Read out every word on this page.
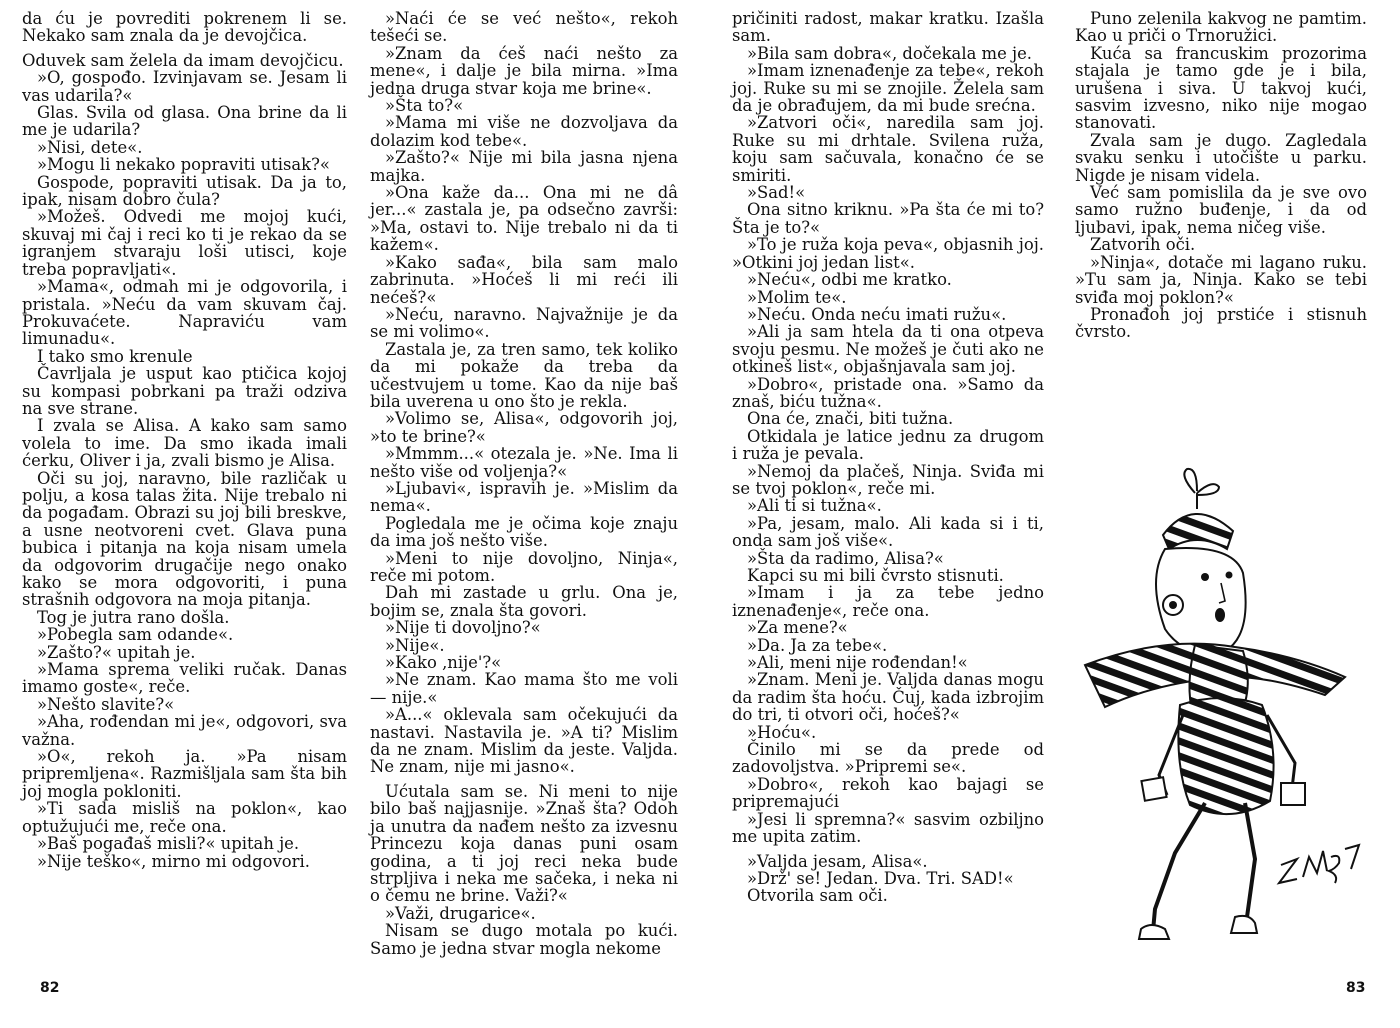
da ću je povrediti pokrenem li se. Nekako sam znala da je devojčica.

Oduvek sam želela da imam devojčicu.

»O, gospođo. Izvinjavam se. Jesam li vas udarila?«

Glas. Svila od glasa. Ona brine da li me je udarila?

»Nisi, dete«.

»Mogu li nekako popraviti utisak?«

Gospode, popraviti utisak. Da ja to, ipak, nisam dobro čula?

»Možeš. Odvedi me mojoj kući, skuvaj mi čaj i reci ko ti je rekao da se igranjem stvaraju loši utisci, koje treba popravljati«.

»Mama«, odmah mi je odgovorila, i pristala. »Neću da vam skuvam čaj. Prokuvaćete. Napraviću vam limunadu«.

I tako smo krenule

Čavrljala je usput kao ptičica kojoj su kompasi pobrkani pa traži odziva na sve strane.

I zvala se Alisa. A kako sam samo volela to ime. Da smo ikada imali ćerku, Oliver i ja, zvali bismo je Alisa.

Oči su joj, naravno, bile različak u polju, a kosa talas žita. Nije trebalo ni da pogađam. Obrazi su joj bili breskve, a usne neotvoreni cvet. Glava puna bubica i pitanja na koja nisam umela da odgovorim drugačije nego onako kako se mora odgovoriti, i puna strašnih odgovora na moja pitanja.

Tog je jutra rano došla.

»Pobegla sam odande«.

»Zašto?« upitah je.

»Mama sprema veliki ručak. Danas imamo goste«, reče.

»Nešto slavite?«

»Aha, rođendan mi je«, odgovori, sva važna.

»O«, rekoh ja. »Pa nisam pripremljena«. Razmišljala sam šta bih joj mogla pokloniti.

»Ti sada misliš na poklon«, kao optužujući me, reče ona.

»Baš pogađaš misli?« upitah je.

»Nije teško«, mirno mi odgovori.

»Naći će se već nešto«, rekoh tešeći se.

»Znam da ćeš naći nešto za mene«, i dalje je bila mirna. »Ima jedna druga stvar koja me brine«.

»Šta to?«

»Mama mi više ne dozvoljava da dolazim kod tebe«.

»Zašto?« Nije mi bila jasna njena majka.

»Ona kaže da... Ona mi ne dâ jer...« zastala je, pa odsečno završi: »Ma, ostavi to. Nije trebalo ni da ti kažem«.

»Kako sađa«, bila sam malo zabrinuta. »Hoćeš li mi reći ili nećeš?«

»Neću, naravno. Najvažnije je da se mi volimo«.

Zastala je, za tren samo, tek koliko da mi pokaže da treba da učestvujem u tome. Kao da nije baš bila uverena u ono što je rekla.

»Volimo se, Alisa«, odgovorih joj, »to te brine?«

»Mmmm...« otezala je. »Ne. Ima li nešto više od voljenja?«

»Ljubavi«, ispravih je. »Mislim da nema«.

Pogledala me je očima koje znaju da ima još nešto više.

»Meni to nije dovoljno, Ninja«, reče mi potom.

Dah mi zastade u grlu. Ona je, bojim se, znala šta govori.

»Nije ti dovoljno?«

»Nije«.

»Kako ‚nije'?«

»Ne znam. Kao mama što me voli — nije.«

»A...« oklevala sam očekujući da nastavi. Nastavila je. »A ti? Mislim da ne znam. Mislim da jeste. Valjda. Ne znam, nije mi jasno«.

Ućutala sam se. Ni meni to nije bilo baš najjasnije. »Znaš šta? Odoh ja unutra da nađem nešto za izvesnu Princezu koja danas puni osam godina, a ti joj reci neka bude strpljiva i neka me sačeka, i neka ni o čemu ne brine. Važi?«

»Važi, drugarice«.

Nisam se dugo motala po kući. Samo je jedna stvar mogla nekome

82

pričiniti radost, makar kratku. Izašla sam.

»Bila sam dobra«, dočekala me je.

»Imam iznenađenje za tebe«, rekoh joj. Ruke su mi se znojile. Želela sam da je obrađujem, da mi bude srećna.

»Zatvori oči«, naredila sam joj. Ruke su mi drhtale. Svilena ruža, koju sam sačuvala, konačno će se smiriti.

»Sad!«

Ona sitno kriknu. »Pa šta će mi to? Šta je to?«

»To je ruža koja peva«, objasnih joj. »Otkini joj jedan list«.

»Neću«, odbi me kratko.

»Molim te«.

»Neću. Onda neću imati ružu«.

»Ali ja sam htela da ti ona otpeva svoju pesmu. Ne možeš je čuti ako ne otkineš list«, objašnjavala sam joj.

»Dobro«, pristade ona. »Samo da znaš, biću tužna«.

Ona će, znači, biti tužna.

Otkidala je latice jednu za drugom i ruža je pevala.

»Nemoj da plačeš, Ninja. Sviđa mi se tvoj poklon«, reče mi.

»Ali ti si tužna«.

»Pa, jesam, malo. Ali kada si i ti, onda sam još više«.

»Šta da radimo, Alisa?«

Kapci su mi bili čvrsto stisnuti.

»Imam i ja za tebe jedno iznenađenje«, reče ona.

»Za mene?«

»Da. Ja za tebe«.

»Ali, meni nije rođendan!«

»Znam. Meni je. Valjda danas mogu da radim šta hoću. Čuj, kada izbrojim do tri, ti otvori oči, hoćeš?«

»Hoću«.

Činilo mi se da prede od zadovoljstva. »Pripremi se«.

»Dobro«, rekoh kao bajagi se pripremajući

»Jesi li spremna?« sasvim ozbiljno me upita zatim.

»Valjda jesam, Alisa«.

»Drž' se! Jedan. Dva. Tri. SAD!«

Otvorila sam oči.

Puno zelenila kakvog ne pamtim. Kao u priči o Trnoružici.

Kuća sa francuskim prozorima stajala je tamo gde je i bila, urušena i siva. U takvoj kući, sasvim izvesno, niko nije mogao stanovati.

Zvala sam je dugo. Zagledala svaku senku i utočište u parku. Nigde je nisam videla.

Već sam pomislila da je sve ovo samo ružno buđenje, i da od ljubavi, ipak, nema ničeg više.

Zatvorih oči.

»Ninja«, dotače mi lagano ruku. »Tu sam ja, Ninja. Kako se tebi sviđa moj poklon?«

Pronađoh joj prstiće i stisnuh čvrsto.

83
